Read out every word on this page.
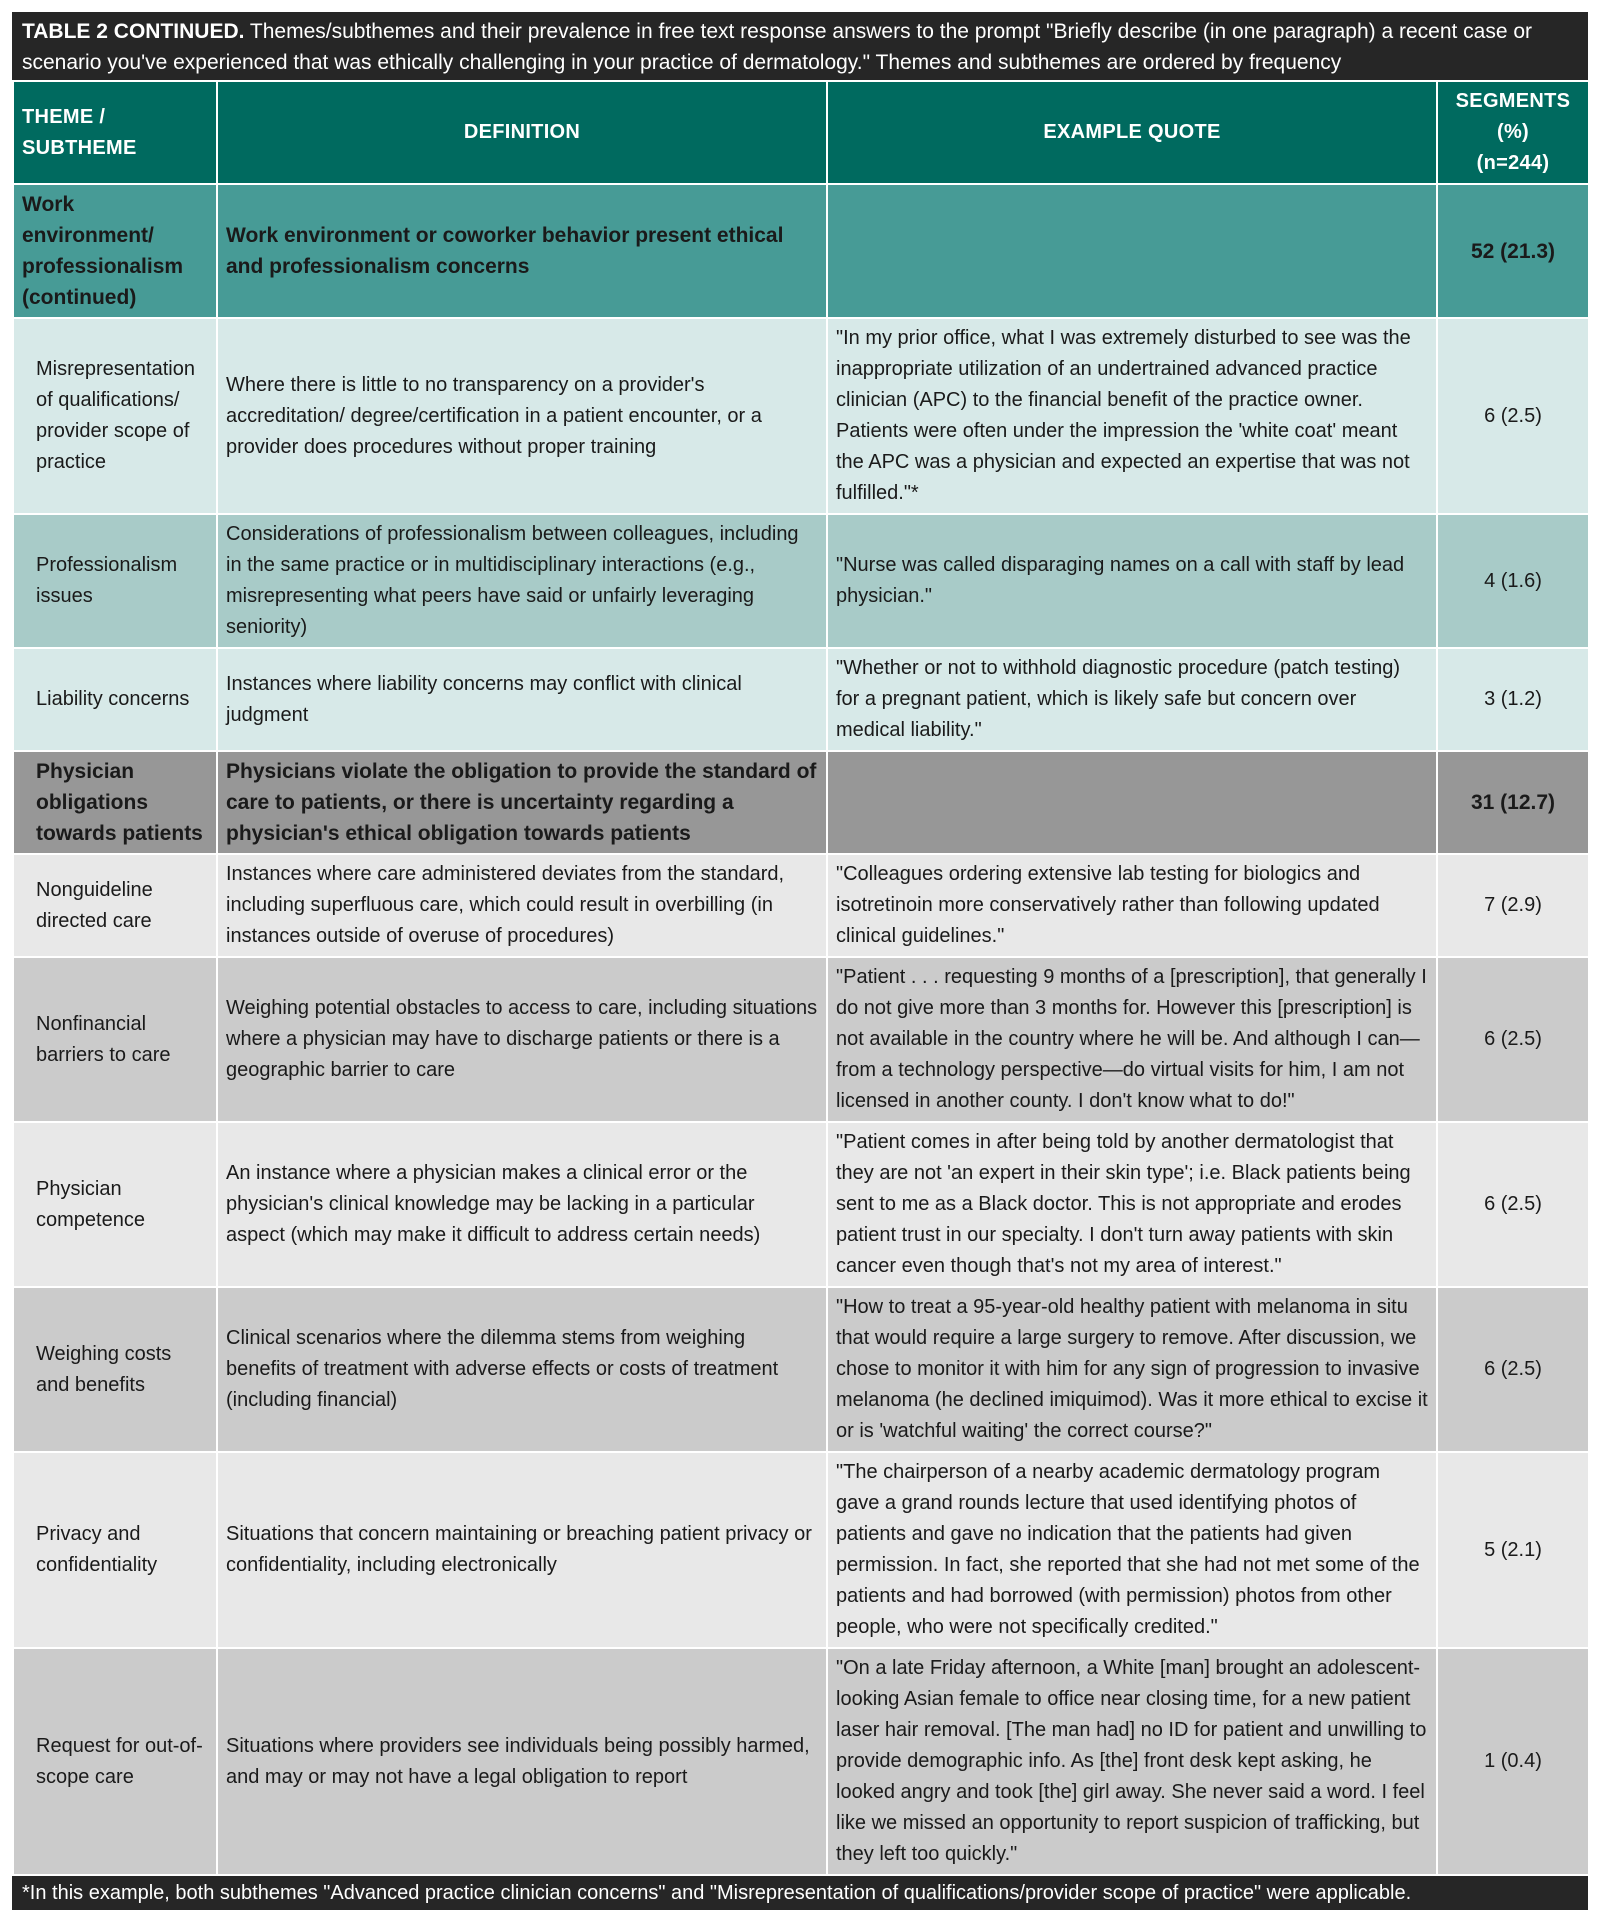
TABLE 2 CONTINUED. Themes/subthemes and their prevalence in free text response answers to the prompt "Briefly describe (in one paragraph) a recent case or scenario you've experienced that was ethically challenging in your practice of dermatology." Themes and subthemes are ordered by frequency
THEME / SUBTHEME	DEFINITION	EXAMPLE QUOTE	SEGMENTS (%)
(n=244)
Work environment/ professionalism (continued)	Work environment or coworker behavior present ethical and professionalism concerns		52 (21.3)
Misrepresentation of qualifications/ provider scope of practice	Where there is little to no transparency on a provider's accreditation/ degree/certification in a patient encounter, or a provider does procedures without proper training	"In my prior office, what I was extremely disturbed to see was the inappropriate utilization of an undertrained advanced practice clinician (APC) to the financial benefit of the practice owner. Patients were often under the impression the 'white coat' meant the APC was a physician and expected an expertise that was not fulfilled."*	6 (2.5)
Professionalism issues	Considerations of professionalism between colleagues, including in the same practice or in multidisciplinary interactions (e.g., misrepresenting what peers have said or unfairly leveraging seniority)	"Nurse was called disparaging names on a call with staff by lead physician."	4 (1.6)
Liability concerns	Instances where liability concerns may conflict with clinical judgment	"Whether or not to withhold diagnostic procedure (patch testing) for a pregnant patient, which is likely safe but concern over medical liability."	3 (1.2)
Physician obligations towards patients	Physicians violate the obligation to provide the standard of care to patients, or there is uncertainty regarding a physician's ethical obligation towards patients		31 (12.7)
Nonguideline directed care	Instances where care administered deviates from the standard, including superfluous care, which could result in overbilling (in instances outside of overuse of procedures)	"Colleagues ordering extensive lab testing for biologics and isotretinoin more conservatively rather than following updated clinical guidelines."	7 (2.9)
Nonfinancial barriers to care	Weighing potential obstacles to access to care, including situations where a physician may have to discharge patients or there is a geographic barrier to care	"Patient . . . requesting 9 months of a [prescription], that generally I do not give more than 3 months for. However this [prescription] is not available in the country where he will be. And although I can—from a technology perspective—do virtual visits for him, I am not licensed in another county. I don't know what to do!"	6 (2.5)
Physician competence	An instance where a physician makes a clinical error or the physician's clinical knowledge may be lacking in a particular aspect (which may make it difficult to address certain needs)	"Patient comes in after being told by another dermatologist that they are not 'an expert in their skin type'; i.e. Black patients being sent to me as a Black doctor. This is not appropriate and erodes patient trust in our specialty. I don't turn away patients with skin cancer even though that's not my area of interest."	6 (2.5)
Weighing costs and benefits	Clinical scenarios where the dilemma stems from weighing benefits of treatment with adverse effects or costs of treatment (including financial)	"How to treat a 95-year-old healthy patient with melanoma in situ that would require a large surgery to remove. After discussion, we chose to monitor it with him for any sign of progression to invasive melanoma (he declined imiquimod). Was it more ethical to excise it or is 'watchful waiting' the correct course?"	6 (2.5)
Privacy and confidentiality	Situations that concern maintaining or breaching patient privacy or confidentiality, including electronically	"The chairperson of a nearby academic dermatology program gave a grand rounds lecture that used identifying photos of patients and gave no indication that the patients had given permission. In fact, she reported that she had not met some of the patients and had borrowed (with permission) photos from other people, who were not specifically credited."	5 (2.1)
Request for out-of-scope care	Situations where providers see individuals being possibly harmed, and may or may not have a legal obligation to report	"On a late Friday afternoon, a White [man] brought an adolescent-looking Asian female to office near closing time, for a new patient laser hair removal. [The man had] no ID for patient and unwilling to provide demographic info. As [the] front desk kept asking, he looked angry and took [the] girl away. She never said a word. I feel like we missed an opportunity to report suspicion of trafficking, but they left too quickly."	1 (0.4)
*In this example, both subthemes "Advanced practice clinician concerns" and "Misrepresentation of qualifications/provider scope of practice" were applicable.
